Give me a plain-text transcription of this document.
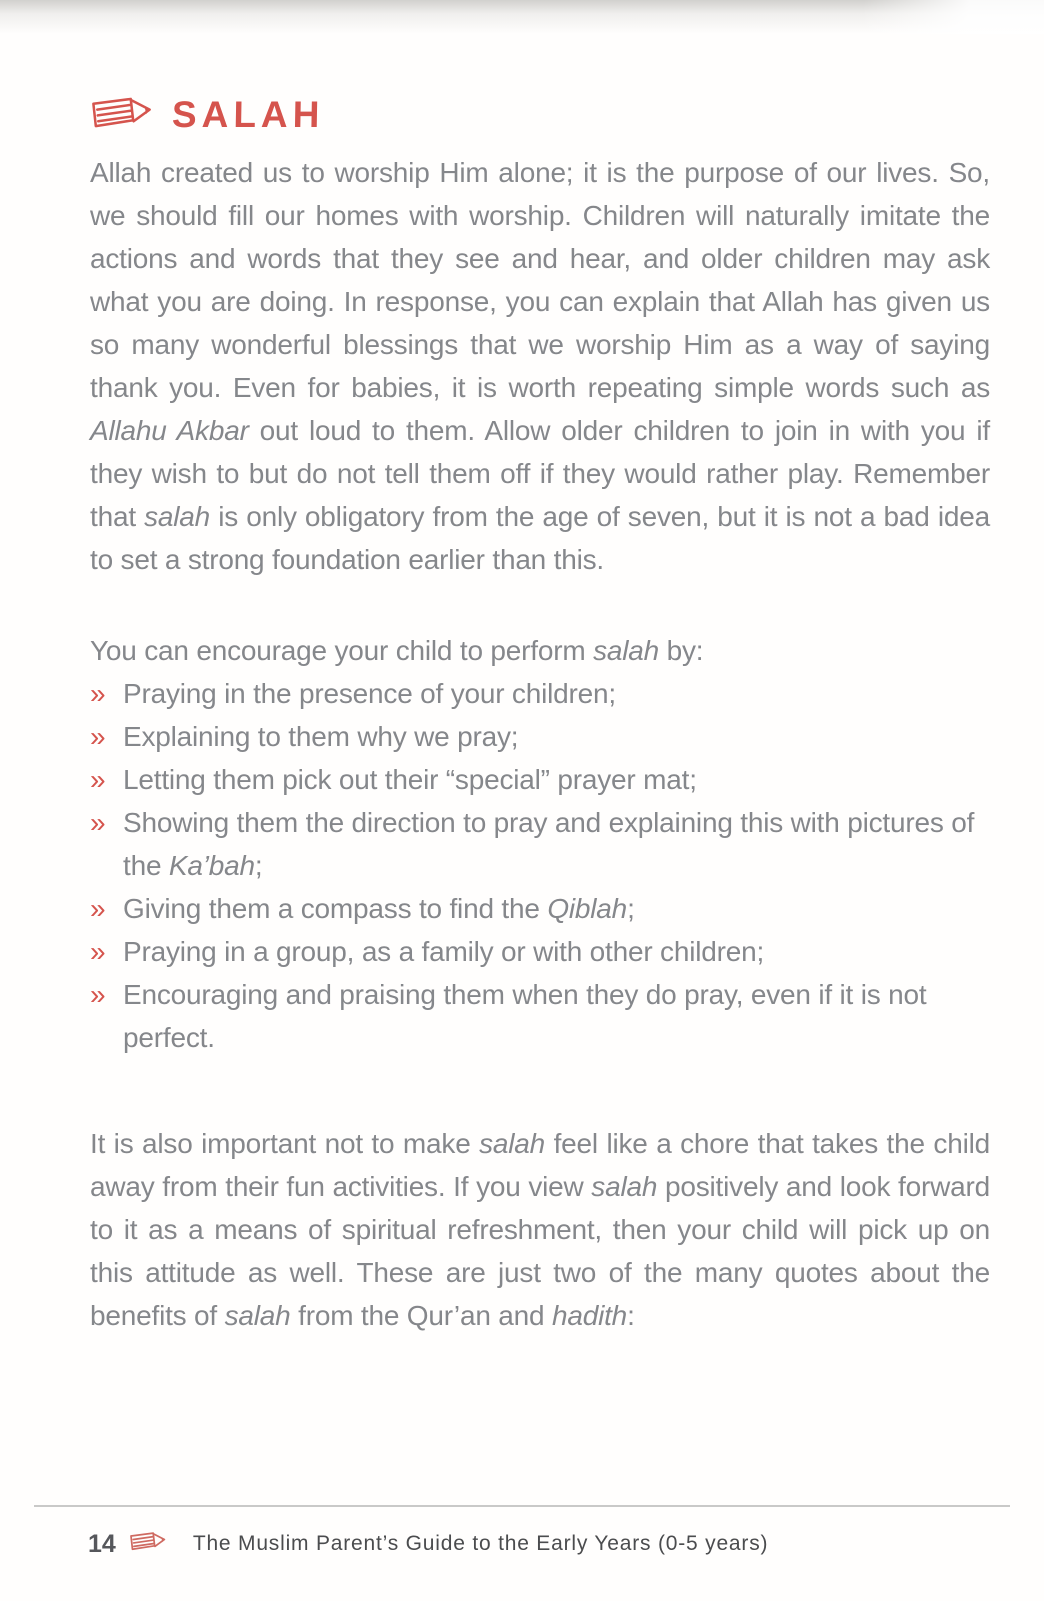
SALAH
Allah created us to worship Him alone; it is the purpose of our lives. So, we should fill our homes with worship. Children will naturally imitate the actions and words that they see and hear, and older children may ask what you are doing. In response, you can explain that Allah has given us so many wonderful blessings that we worship Him as a way of saying thank you. Even for babies, it is worth repeating simple words such as Allahu Akbar out loud to them. Allow older children to join in with you if they wish to but do not tell them off if they would rather play. Remember that salah is only obligatory from the age of seven, but it is not a bad idea to set a strong foundation earlier than this.
You can encourage your child to perform salah by:
» Praying in the presence of your children;
» Explaining to them why we pray;
» Letting them pick out their “special” prayer mat;
» Showing them the direction to pray and explaining this with pictures of the Ka’bah;
» Giving them a compass to find the Qiblah;
» Praying in a group, as a family or with other children;
» Encouraging and praising them when they do pray, even if it is not perfect.
It is also important not to make salah feel like a chore that takes the child away from their fun activities. If you view salah positively and look forward to it as a means of spiritual refreshment, then your child will pick up on this attitude as well. These are just two of the many quotes about the benefits of salah from the Qur’an and hadith:
14	The Muslim Parent’s Guide to the Early Years (0-5 years)
